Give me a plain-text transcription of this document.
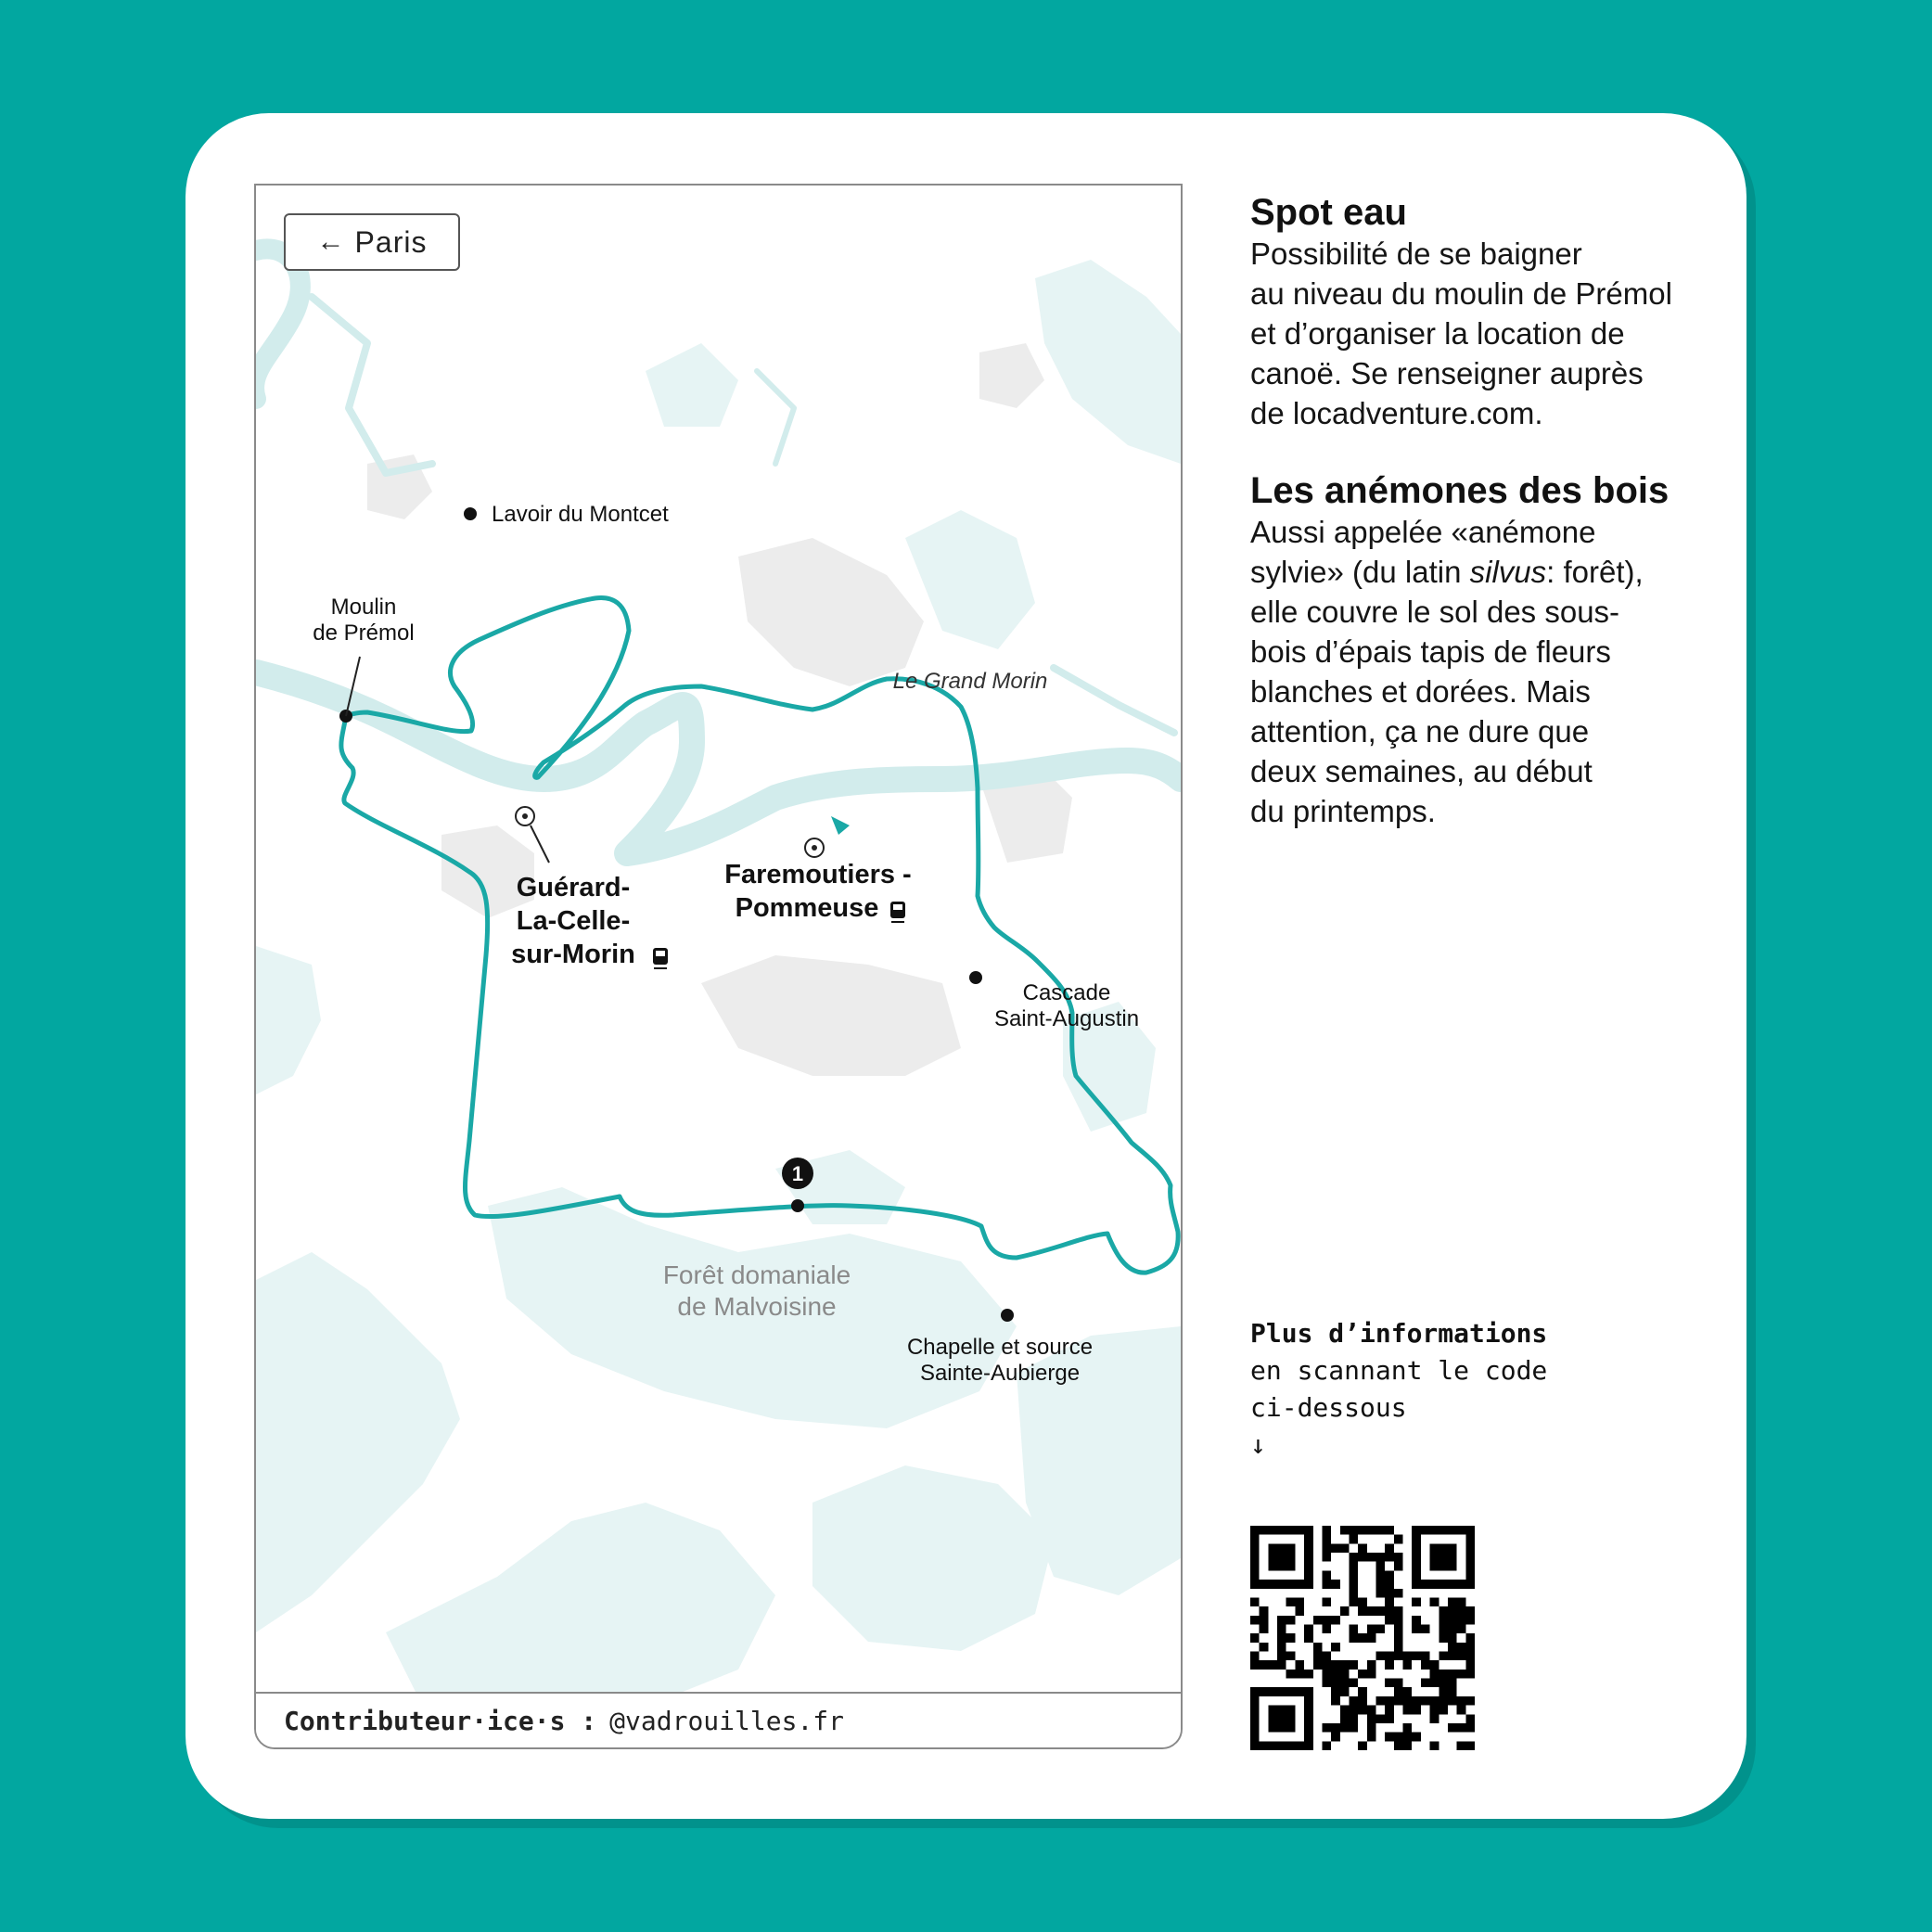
1
Lavoir du Montcet
Moulin
de Prémol
Guérard-
La-Celle-
sur-Morin
Faremoutiers -
Pommeuse
Cascade
Saint-Augustin
Le Grand Morin
Forêt domaniale
de Malvoisine
Chapelle et source
Sainte-Aubierge
← Paris
Contributeur·ice·s : @vadrouilles.fr
Spot eau

Possibilité de se baigner
au niveau du moulin de Prémol
et d’organiser la location de
canoë. Se renseigner auprès
de locadventure.com.

Les anémones des bois

Aussi appelée «anémone
sylvie» (du latin silvus: forêt),
elle couvre le sol des sous-
bois d’épais tapis de fleurs
blanches et dorées. Mais
attention, ça ne dure que
deux semaines, au début
du printemps.

Plus d’informations
en scannant le code
ci-dessous
↓
